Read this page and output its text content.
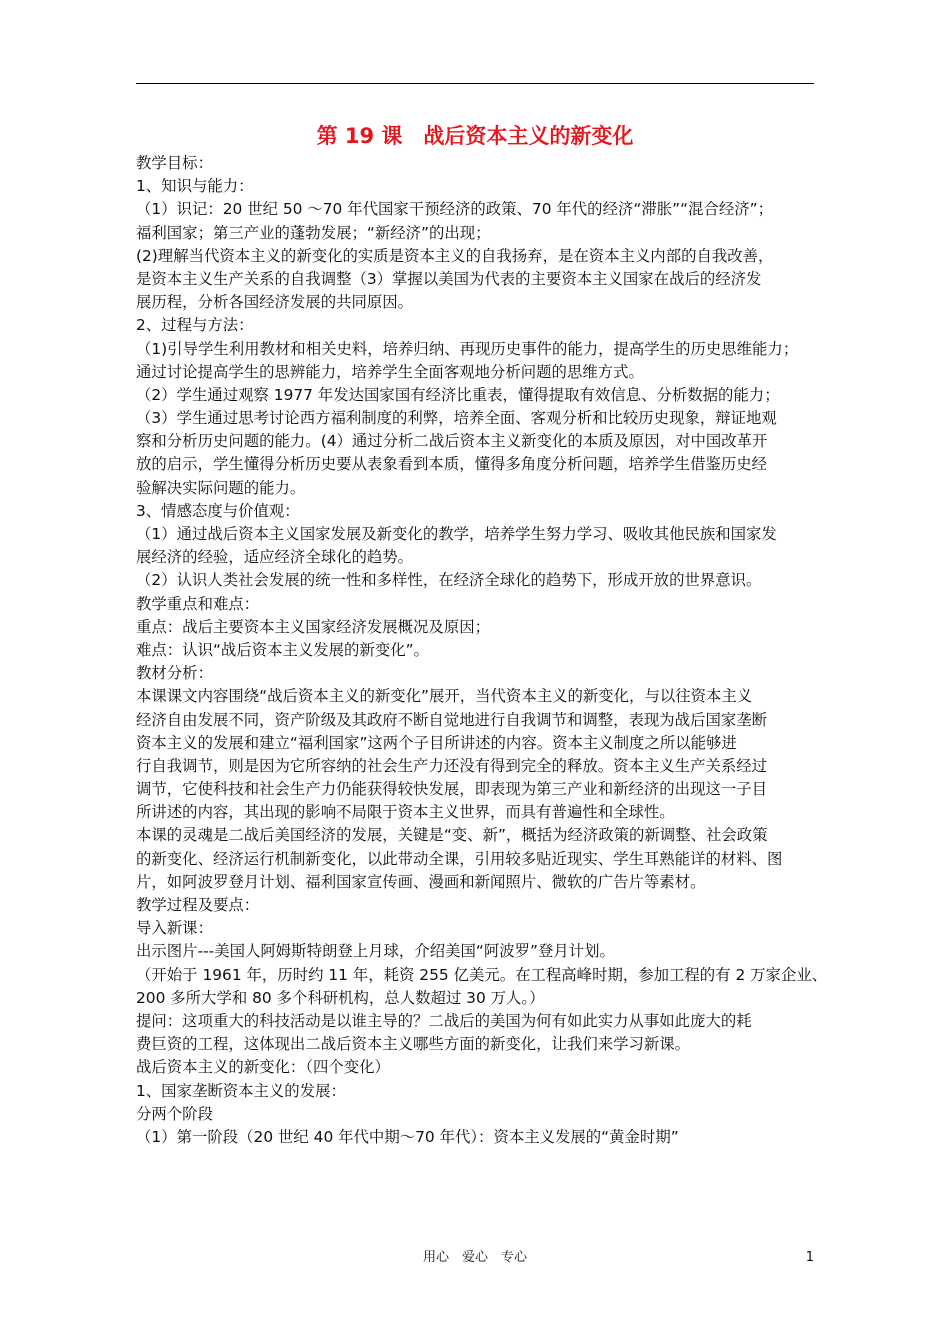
第 19 课　战后资本主义的新变化
教学目标：
1、知识与能力：
（1）识记：20 世纪 50 ～70 年代国家干预经济的政策、70 年代的经济“滞胀”“混合经济”；
福利国家；第三产业的蓬勃发展；“新经济”的出现；
(2)理解当代资本主义的新变化的实质是资本主义的自我扬弃，是在资本主义内部的自我改善，
是资本主义生产关系的自我调整（3）掌握以美国为代表的主要资本主义国家在战后的经济发
展历程，分析各国经济发展的共同原因。
2、过程与方法：
（1)引导学生利用教材和相关史料，培养归纳、再现历史事件的能力，提高学生的历史思维能力；
通过讨论提高学生的思辨能力，培养学生全面客观地分析问题的思维方式。
（2）学生通过观察 1977 年发达国家国有经济比重表，懂得提取有效信息、分析数据的能力；
（3）学生通过思考讨论西方福利制度的利弊，培养全面、客观分析和比较历史现象，辩证地观
察和分析历史问题的能力。(4）通过分析二战后资本主义新变化的本质及原因，对中国改革开
放的启示，学生懂得分析历史要从表象看到本质，懂得多角度分析问题，培养学生借鉴历史经
验解决实际问题的能力。
3、情感态度与价值观：
（1）通过战后资本主义国家发展及新变化的教学，培养学生努力学习、吸收其他民族和国家发
展经济的经验，适应经济全球化的趋势。
（2）认识人类社会发展的统一性和多样性，在经济全球化的趋势下，形成开放的世界意识。
教学重点和难点：
重点：战后主要资本主义国家经济发展概况及原因；
难点：认识“战后资本主义发展的新变化”。
教材分析：
本课课文内容围绕“战后资本主义的新变化”展开，当代资本主义的新变化，与以往资本主义
经济自由发展不同，资产阶级及其政府不断自觉地进行自我调节和调整，表现为战后国家垄断
资本主义的发展和建立“福利国家”这两个子目所讲述的内容。资本主义制度之所以能够进
行自我调节，则是因为它所容纳的社会生产力还没有得到完全的释放。资本主义生产关系经过
调节，它使科技和社会生产力仍能获得较快发展，即表现为第三产业和新经济的出现这一子目
所讲述的内容，其出现的影响不局限于资本主义世界，而具有普遍性和全球性。
本课的灵魂是二战后美国经济的发展，关键是“变、新”，概括为经济政策的新调整、社会政策
的新变化、经济运行机制新变化，以此带动全课，引用较多贴近现实、学生耳熟能详的材料、图
片，如阿波罗登月计划、福利国家宣传画、漫画和新闻照片、微软的广告片等素材。
教学过程及要点：
导入新课：
出示图片---美国人阿姆斯特朗登上月球，介绍美国“阿波罗”登月计划。
（开始于 1961 年，历时约 11 年，耗资 255 亿美元。在工程高峰时期，参加工程的有 2 万家企业、
200 多所大学和 80 多个科研机构，总人数超过 30 万人。）
提问：这项重大的科技活动是以谁主导的？二战后的美国为何有如此实力从事如此庞大的耗
费巨资的工程，这体现出二战后资本主义哪些方面的新变化，让我们来学习新课。
战后资本主义的新变化：（四个变化）
1、国家垄断资本主义的发展：
分两个阶段
（1）第一阶段（20 世纪 40 年代中期～70 年代）：资本主义发展的“黄金时期”
用心　爱心　专心	1
